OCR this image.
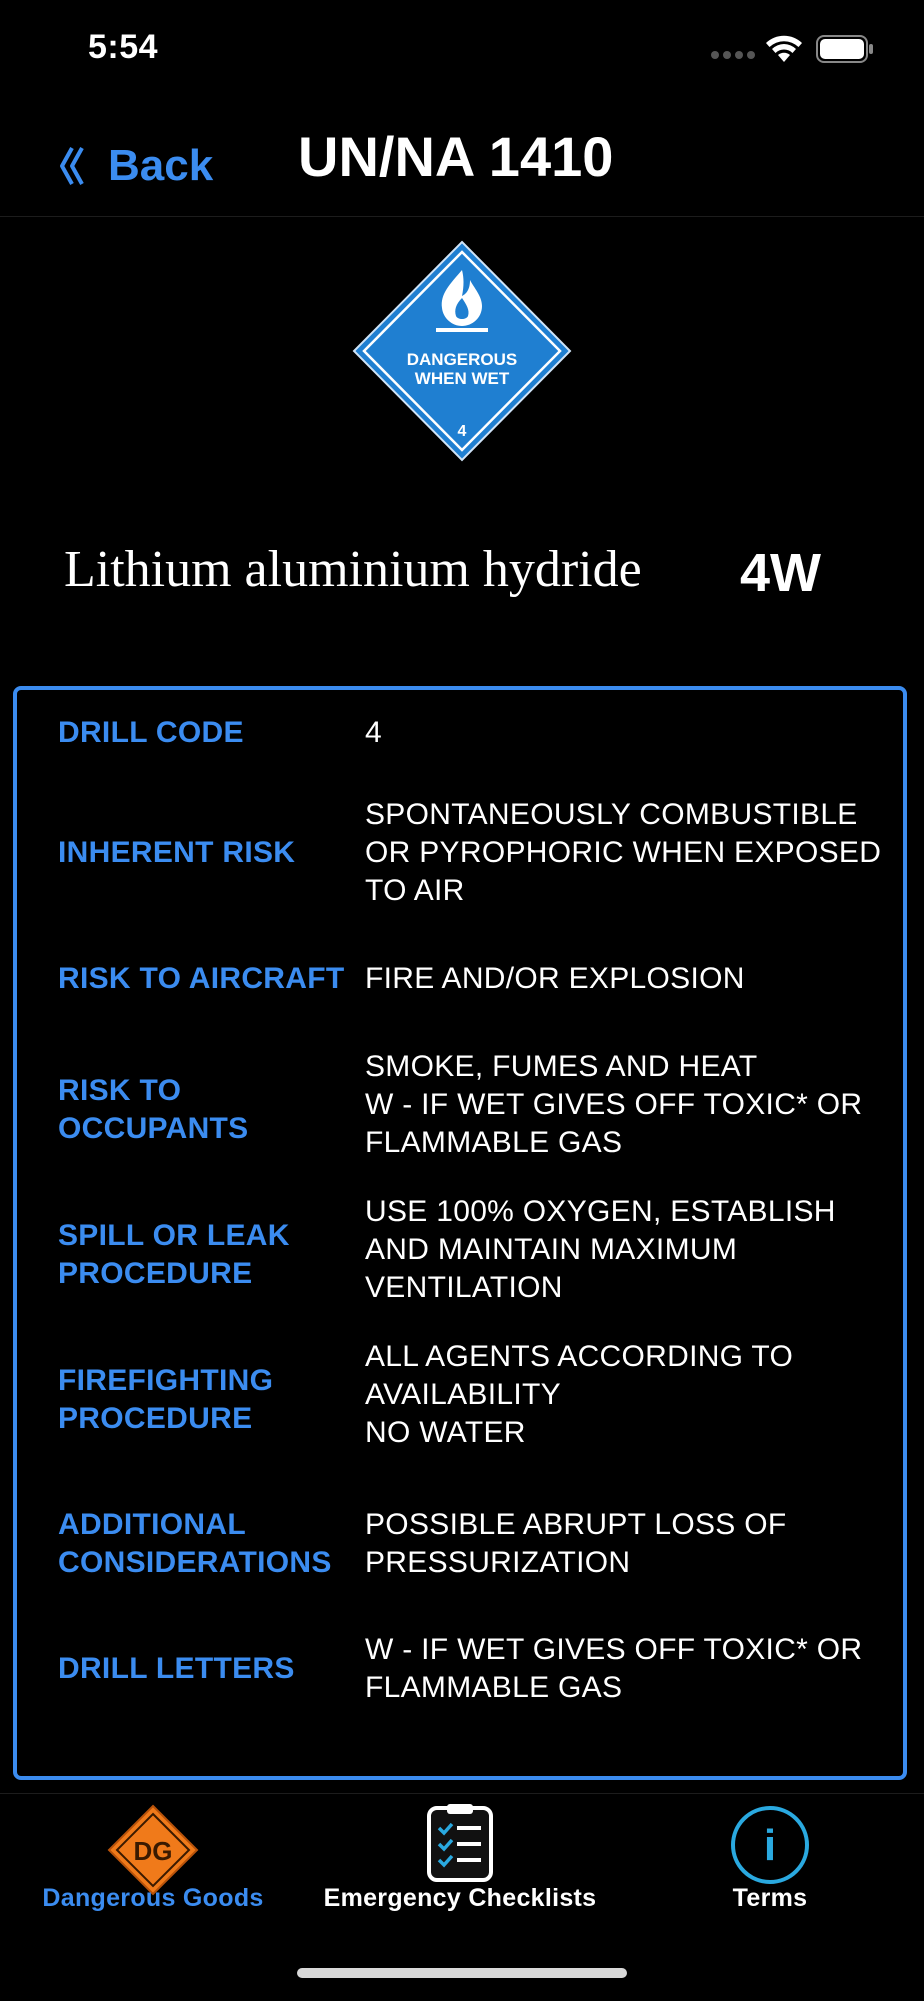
5:54
Back UN/NA 1410
DANGEROUS
WHEN WET
4
Lithium aluminium hydride 4W
DRILL CODE	4
INHERENT RISK
SPONTANEOUSLY COMBUSTIBLE
OR PYROPHORIC WHEN EXPOSED
TO AIR
RISK TO AIRCRAFT FIRE AND/OR EXPLOSION
RISK TO
OCCUPANTS
SMOKE, FUMES AND HEAT
W - IF WET GIVES OFF TOXIC* OR
FLAMMABLE GAS
SPILL OR LEAK
PROCEDURE
USE 100% OXYGEN, ESTABLISH
AND MAINTAIN MAXIMUM
VENTILATION
FIREFIGHTING
PROCEDURE
ALL AGENTS ACCORDING TO
AVAILABILITY
NO WATER
ADDITIONAL
CONSIDERATIONS
POSSIBLE ABRUPT LOSS OF
PRESSURIZATION
DRILL LETTERS
W - IF WET GIVES OFF TOXIC* OR
FLAMMABLE GAS
DG
Dangerous Goods	Emergency Checklists
i
Terms
